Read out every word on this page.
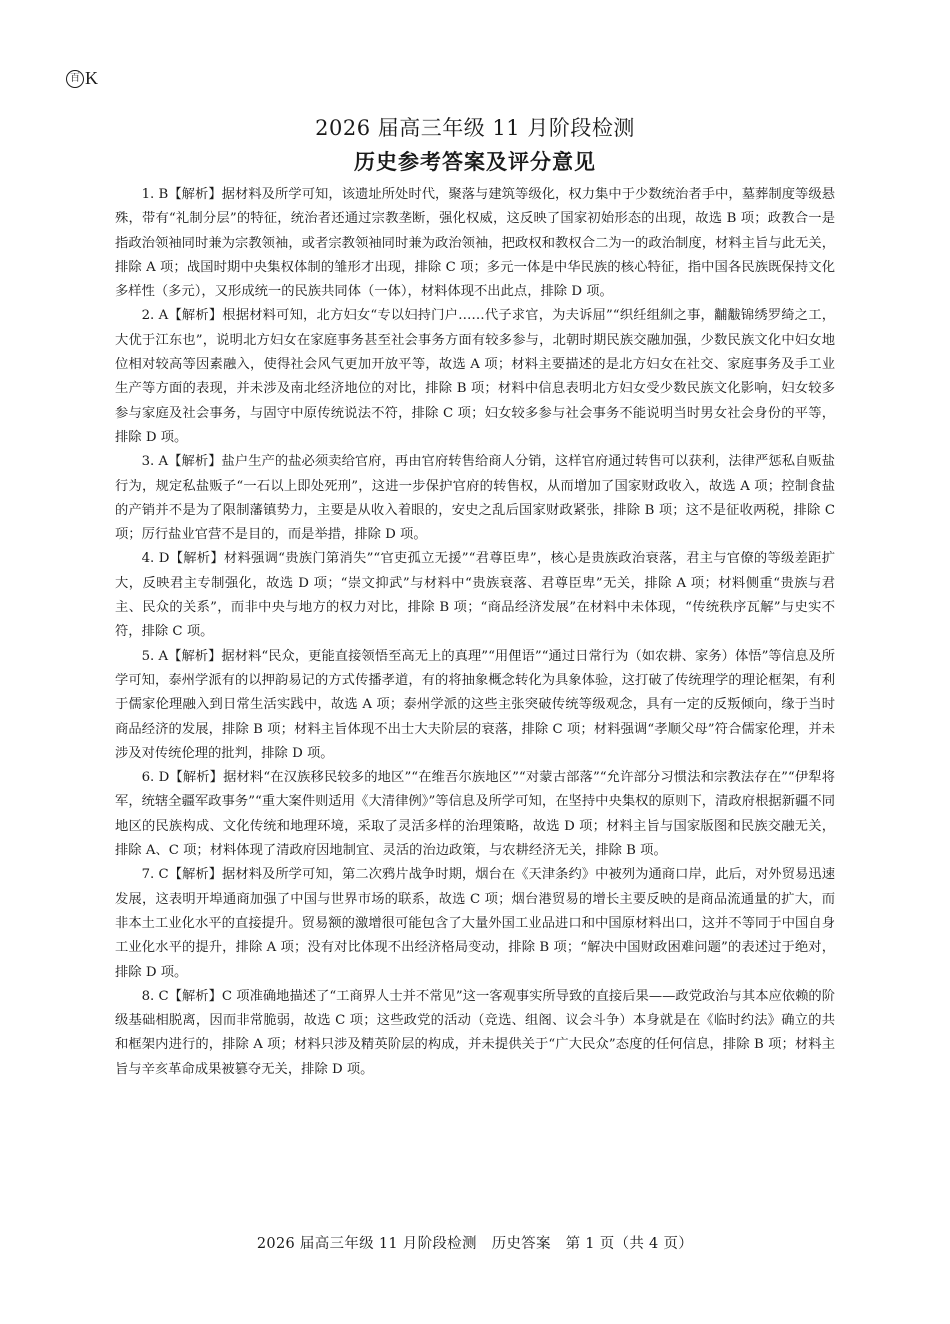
百 K
2026 届高三年级 11 月阶段检测
历史参考答案及评分意见

1. B【解析】据材料及所学可知，该遗址所处时代，聚落与建筑等级化，权力集中于少数统治者手中，墓葬制度等级悬殊，带有“礼制分层”的特征，统治者还通过宗教垄断，强化权威，这反映了国家初始形态的出现，故选 B 项；政教合一是指政治领袖同时兼为宗教领袖，或者宗教领袖同时兼为政治领袖，把政权和教权合二为一的政治制度，材料主旨与此无关，排除 A 项；战国时期中央集权体制的雏形才出现，排除 C 项；多元一体是中华民族的核心特征，指中国各民族既保持文化多样性（多元），又形成统一的民族共同体（一体），材料体现不出此点，排除 D 项。

2. A【解析】根据材料可知，北方妇女“专以妇持门户……代子求官，为夫诉屈”“织纴组紃之事，黼黻锦绣罗绮之工，大优于江东也”，说明北方妇女在家庭事务甚至社会事务方面有较多参与，北朝时期民族交融加强，少数民族文化中妇女地位相对较高等因素融入，使得社会风气更加开放平等，故选 A 项；材料主要描述的是北方妇女在社交、家庭事务及手工业生产等方面的表现，并未涉及南北经济地位的对比，排除 B 项；材料中信息表明北方妇女受少数民族文化影响，妇女较多参与家庭及社会事务，与固守中原传统说法不符，排除 C 项；妇女较多参与社会事务不能说明当时男女社会身份的平等，排除 D 项。

3. A【解析】盐户生产的盐必须卖给官府，再由官府转售给商人分销，这样官府通过转售可以获利，法律严惩私自贩盐行为，规定私盐贩子“一石以上即处死刑”，这进一步保护官府的转售权，从而增加了国家财政收入，故选 A 项；控制食盐的产销并不是为了限制藩镇势力，主要是从收入着眼的，安史之乱后国家财政紧张，排除 B 项；这不是征收两税，排除 C 项；厉行盐业官营不是目的，而是举措，排除 D 项。

4. D【解析】材料强调“贵族门第消失”“官吏孤立无援”“君尊臣卑”，核心是贵族政治衰落，君主与官僚的等级差距扩大，反映君主专制强化，故选 D 项；“崇文抑武”与材料中“贵族衰落、君尊臣卑”无关，排除 A 项；材料侧重“贵族与君主、民众的关系”，而非中央与地方的权力对比，排除 B 项；“商品经济发展”在材料中未体现，“传统秩序瓦解”与史实不符，排除 C 项。

5. A【解析】据材料“民众，更能直接领悟至高无上的真理”“用俚语”“通过日常行为（如农耕、家务）体悟”等信息及所学可知，泰州学派有的以押韵易记的方式传播孝道，有的将抽象概念转化为具象体验，这打破了传统理学的理论框架，有利于儒家伦理融入到日常生活实践中，故选 A 项；泰州学派的这些主张突破传统等级观念，具有一定的反叛倾向，缘于当时商品经济的发展，排除 B 项；材料主旨体现不出士大夫阶层的衰落，排除 C 项；材料强调“孝顺父母”符合儒家伦理，并未涉及对传统伦理的批判，排除 D 项。

6. D【解析】据材料“在汉族移民较多的地区”“在维吾尔族地区”“对蒙古部落”“允许部分习惯法和宗教法存在”“伊犁将军，统辖全疆军政事务”“重大案件则适用《大清律例》”等信息及所学可知，在坚持中央集权的原则下，清政府根据新疆不同地区的民族构成、文化传统和地理环境，采取了灵活多样的治理策略，故选 D 项；材料主旨与国家版图和民族交融无关，排除 A、C 项；材料体现了清政府因地制宜、灵活的治边政策，与农耕经济无关，排除 B 项。

7. C【解析】据材料及所学可知，第二次鸦片战争时期，烟台在《天津条约》中被列为通商口岸，此后，对外贸易迅速发展，这表明开埠通商加强了中国与世界市场的联系，故选 C 项；烟台港贸易的增长主要反映的是商品流通量的扩大，而非本土工业化水平的直接提升。贸易额的激增很可能包含了大量外国工业品进口和中国原材料出口，这并不等同于中国自身工业化水平的提升，排除 A 项；没有对比体现不出经济格局变动，排除 B 项；“解决中国财政困难问题”的表述过于绝对，排除 D 项。

8. C【解析】C 项准确地描述了“工商界人士并不常见”这一客观事实所导致的直接后果——政党政治与其本应依赖的阶级基础相脱离，因而非常脆弱，故选 C 项；这些政党的活动（竞选、组阁、议会斗争）本身就是在《临时约法》确立的共和框架内进行的，排除 A 项；材料只涉及精英阶层的构成，并未提供关于“广大民众”态度的任何信息，排除 B 项；材料主旨与辛亥革命成果被篡夺无关，排除 D 项。

2026 届高三年级 11 月阶段检测　历史答案　第 1 页（共 4 页）
